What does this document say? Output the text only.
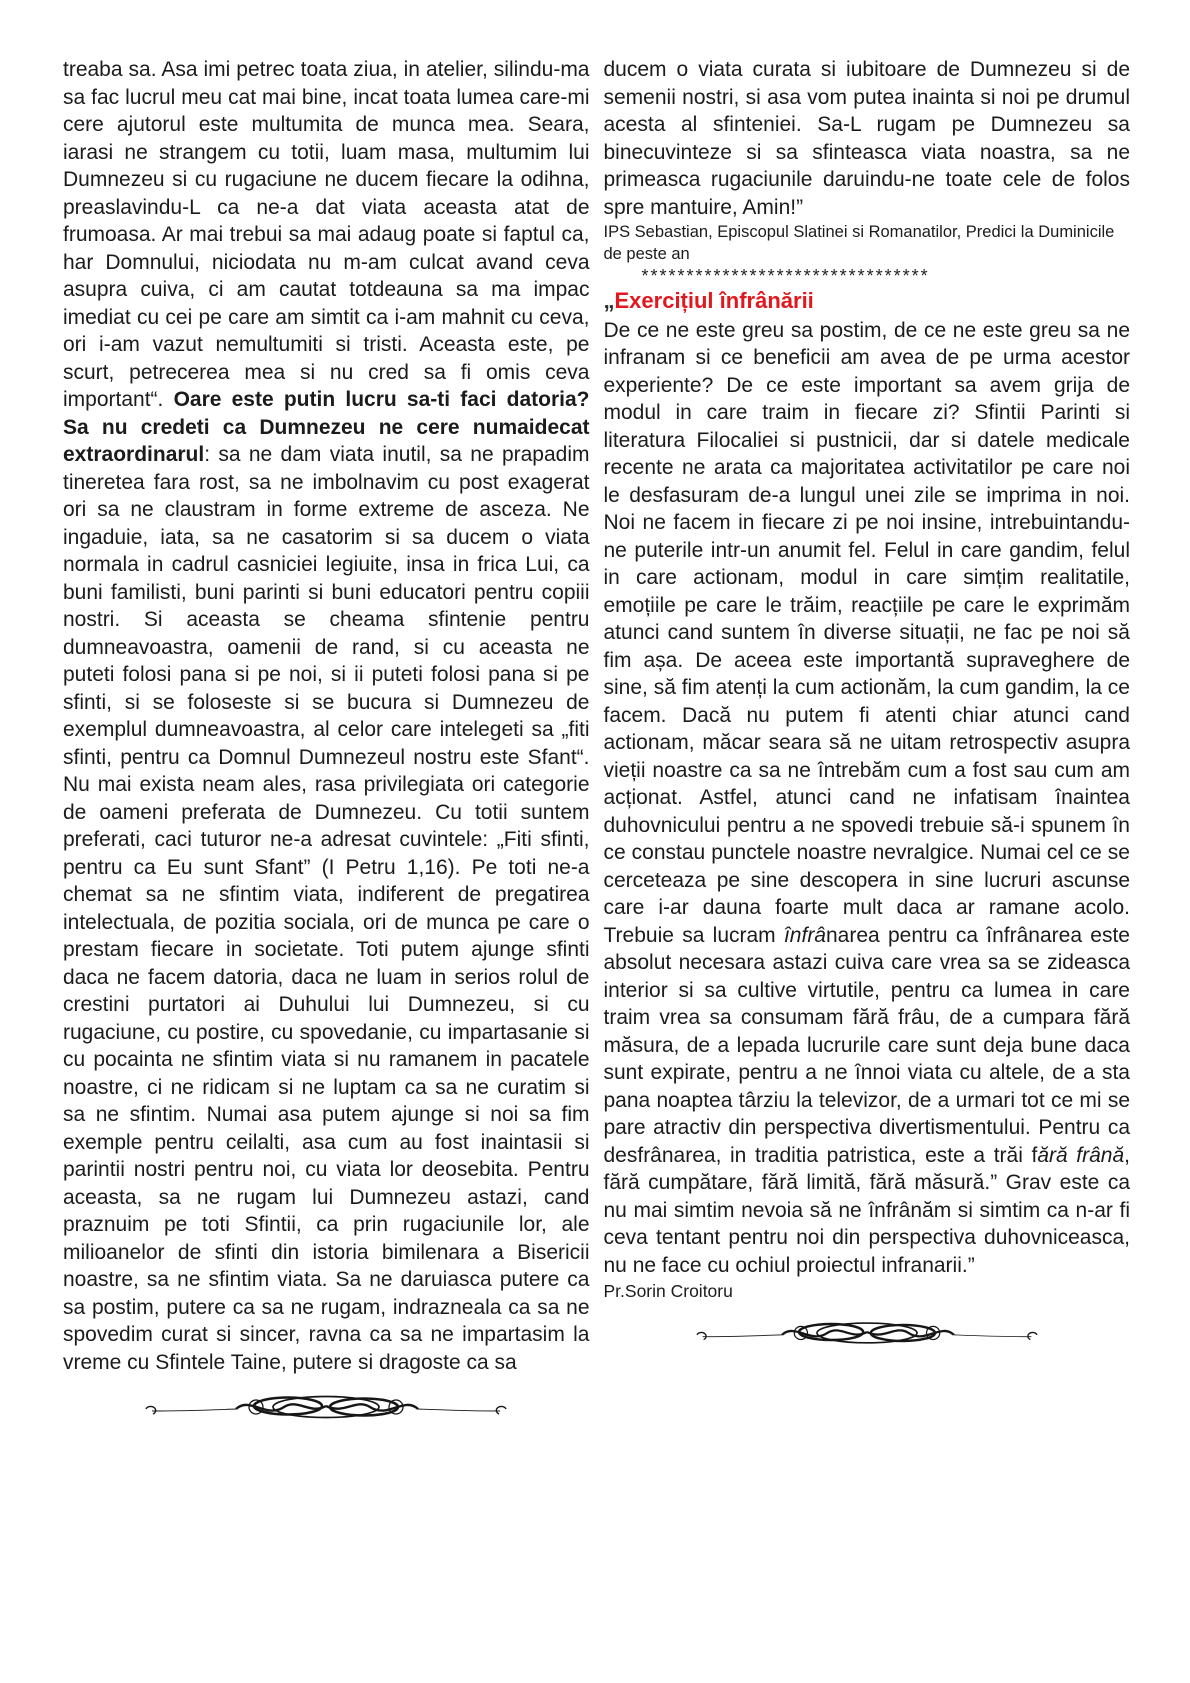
treaba sa. Asa imi petrec toata ziua, in atelier, silindu-ma sa fac lucrul meu cat mai bine, incat toata lumea care-mi cere ajutorul este multumita de munca mea. Seara, iarasi ne strangem cu totii, luam masa, multumim lui Dumnezeu si cu rugaciune ne ducem fiecare la odihna, preaslavindu-L ca ne-a dat viata aceasta atat de frumoasa. Ar mai trebui sa mai adaug poate si faptul ca, har Domnului, niciodata nu m-am culcat avand ceva asupra cuiva, ci am cautat totdeauna sa ma impac imediat cu cei pe care am simtit ca i-am mahnit cu ceva, ori i-am vazut nemultumiti si tristi. Aceasta este, pe scurt, petrecerea mea si nu cred sa fi omis ceva important“. Oare este putin lucru sa-ti faci datoria? Sa nu credeti ca Dumnezeu ne cere numaidecat extraordinarul: sa ne dam viata inutil, sa ne prapadim tineretea fara rost, sa ne imbolnavim cu post exagerat ori sa ne claustram in forme extreme de asceza. Ne ingaduie, iata, sa ne casatorim si sa ducem o viata normala in cadrul casniciei legiuite, insa in frica Lui, ca buni familisti, buni parinti si buni educatori pentru copiii nostri. Si aceasta se cheama sfintenie pentru dumneavoastra, oamenii de rand, si cu aceasta ne puteti folosi pana si pe noi, si ii puteti folosi pana si pe sfinti, si se foloseste si se bucura si Dumnezeu de exemplul dumneavoastra, al celor care intelegeti sa „fiti sfinti, pentru ca Domnul Dumnezeul nostru este Sfant“. Nu mai exista neam ales, rasa privilegiata ori categorie de oameni preferata de Dumnezeu. Cu totii suntem preferati, caci tuturor ne-a adresat cuvintele: „Fiti sfinti, pentru ca Eu sunt Sfant” (I Petru 1,16). Pe toti ne-a chemat sa ne sfintim viata, indiferent de pregatirea intelectuala, de pozitia sociala, ori de munca pe care o prestam fiecare in societate. Toti putem ajunge sfinti daca ne facem datoria, daca ne luam in serios rolul de crestini purtatori ai Duhului lui Dumnezeu, si cu rugaciune, cu postire, cu spovedanie, cu impartasanie si cu pocainta ne sfintim viata si nu ramanem in pacatele noastre, ci ne ridicam si ne luptam ca sa ne curatim si sa ne sfintim. Numai asa putem ajunge si noi sa fim exemple pentru ceilalti, asa cum au fost inaintasii si parintii nostri pentru noi, cu viata lor deosebita. Pentru aceasta, sa ne rugam lui Dumnezeu astazi, cand praznuim pe toti Sfintii, ca prin rugaciunile lor, ale milioanelor de sfinti din istoria bimilenara a Bisericii noastre, sa ne sfintim viata. Sa ne daruiasca putere ca sa postim, putere ca sa ne rugam, indrazneala ca sa ne spovedim curat si sincer, ravna ca sa ne impartasim la vreme cu Sfintele Taine, putere si dragoste ca sa

ducem o viata curata si iubitoare de Dumnezeu si de semenii nostri, si asa vom putea inainta si noi pe drumul acesta al sfinteniei. Sa-L rugam pe Dumnezeu sa binecuvinteze si sa sfinteasca viata noastra, sa ne primeasca rugaciunile daruindu-ne toate cele de folos spre mantuire, Amin!”

IPS Sebastian, Episcopul Slatinei si Romanatilor, Predici la Duminicile de peste an
********************************
„Exercițiul înfrânării

De ce ne este greu sa postim, de ce ne este greu sa ne infranam si ce beneficii am avea de pe urma acestor experiente? De ce este important sa avem grija de modul in care traim in fiecare zi? Sfintii Parinti si literatura Filocaliei si pustnicii, dar si datele medicale recente ne arata ca majoritatea activitatilor pe care noi le desfasuram de-a lungul unei zile se imprima in noi. Noi ne facem in fiecare zi pe noi insine, intrebuintandu-ne puterile intr-un anumit fel. Felul in care gandim, felul in care actionam, modul in care simțim realitatile, emoțiile pe care le trăim, reacțiile pe care le exprimăm atunci cand suntem în diverse situații, ne fac pe noi să fim așa. De aceea este importantă supraveghere de sine, să fim atenți la cum actionăm, la cum gandim, la ce facem. Dacă nu putem fi atenti chiar atunci cand actionam, măcar seara să ne uitam retrospectiv asupra vieții noastre ca sa ne întrebăm cum a fost sau cum am acționat. Astfel, atunci cand ne infatisam înaintea duhovnicului pentru a ne spovedi trebuie să-i spunem în ce constau punctele noastre nevralgice. Numai cel ce se cerceteaza pe sine descopera in sine lucruri ascunse care i-ar dauna foarte mult daca ar ramane acolo. Trebuie sa lucram înfrânarea pentru ca înfrânarea este absolut necesara astazi cuiva care vrea sa se zideasca interior si sa cultive virtutile, pentru ca lumea in care traim vrea sa consumam fără frâu, de a cumpara fără măsura, de a lepada lucrurile care sunt deja bune daca sunt expirate, pentru a ne înnoi viata cu altele, de a sta pana noaptea târziu la televizor, de a urmari tot ce mi se pare atractiv din perspectiva divertismentului. Pentru ca desfrânarea, in traditia patristica, este a trăi fără frână, fără cumpătare, fără limită, fără măsură.” Grav este ca nu mai simtim nevoia să ne înfrânăm si simtim ca n-ar fi ceva tentant pentru noi din perspectiva duhovniceasca, nu ne face cu ochiul proiectul infranarii.”

Pr.Sorin Croitoru
